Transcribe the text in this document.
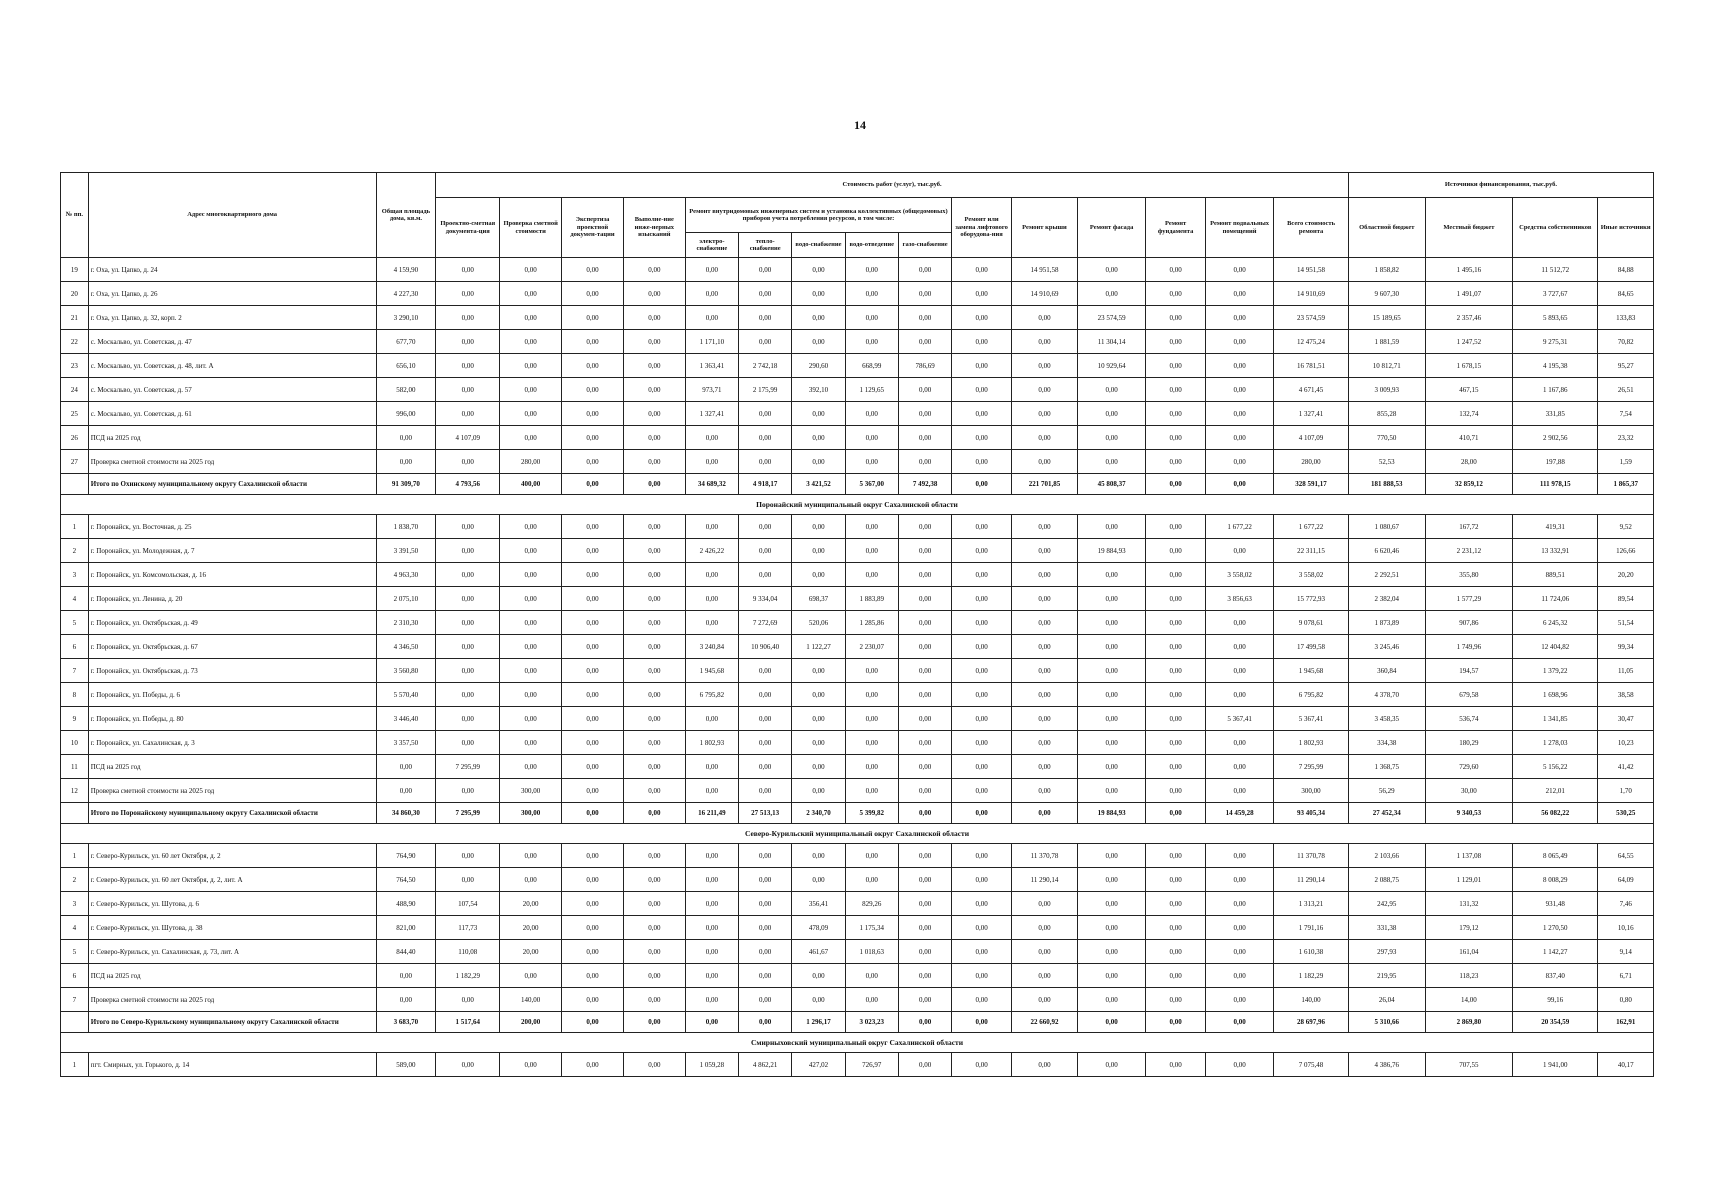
14
№ пп.	Адрес многоквартирного дома	Общая площадь дома, кв.м.	Стоимость работ (услуг), тыс.руб.															Источники финансирования, тыс.руб.			
			Проектно-сметная документа-ция	Проверка сметной стоимости	Экспертиза проектной докумен-тации	Выполне-ние инже-нерных изысканий	Ремонт внутридомовых инженерных систем и установка коллективных (общедомовых) приборов учета потребления ресурсов, в том числе:					Ремонт или замена лифтового оборудова-ния	Ремонт крыши	Ремонт фасада	Ремонт фундамента	Ремонт подвальных помещений	Всего стоимость ремонта	Областной бюджет	Местный бюджет	Средства собственников	Иные источники
							электро-снабжение	тепло-снабжение	водо-снабжение	водо-отведение	газо-снабжение										
19	г. Оха, ул. Цапко, д. 24	4 159,90	0,00	0,00	0,00	0,00	0,00	0,00	0,00	0,00	0,00	0,00	14 951,58	0,00	0,00	0,00	14 951,58	1 858,82	1 495,16	11 512,72	84,88
20	г. Оха, ул. Цапко, д. 26	4 227,30	0,00	0,00	0,00	0,00	0,00	0,00	0,00	0,00	0,00	0,00	14 910,69	0,00	0,00	0,00	14 910,69	9 607,30	1 491,07	3 727,67	84,65
21	г. Оха, ул. Цапко, д. 32, корп. 2	3 290,10	0,00	0,00	0,00	0,00	0,00	0,00	0,00	0,00	0,00	0,00	0,00	23 574,59	0,00	0,00	23 574,59	15 189,65	2 357,46	5 893,65	133,83
22	с. Москальво, ул. Советская, д. 47	677,70	0,00	0,00	0,00	0,00	1 171,10	0,00	0,00	0,00	0,00	0,00	0,00	11 304,14	0,00	0,00	12 475,24	1 881,59	1 247,52	9 275,31	70,82
23	с. Москальво, ул. Советская, д. 48, лит. А	656,10	0,00	0,00	0,00	0,00	1 363,41	2 742,18	290,60	668,99	786,69	0,00	0,00	10 929,64	0,00	0,00	16 781,51	10 812,71	1 678,15	4 195,38	95,27
24	с. Москальво, ул. Советская, д. 57	582,00	0,00	0,00	0,00	0,00	973,71	2 175,99	392,10	1 129,65	0,00	0,00	0,00	0,00	0,00	0,00	4 671,45	3 009,93	467,15	1 167,86	26,51
25	с. Москальво, ул. Советская, д. 61	996,00	0,00	0,00	0,00	0,00	1 327,41	0,00	0,00	0,00	0,00	0,00	0,00	0,00	0,00	0,00	1 327,41	855,28	132,74	331,85	7,54
26	ПСД на 2025 год	0,00	4 107,09	0,00	0,00	0,00	0,00	0,00	0,00	0,00	0,00	0,00	0,00	0,00	0,00	0,00	4 107,09	770,50	410,71	2 902,56	23,32
27	Проверка сметной стоимости на 2025 год	0,00	0,00	280,00	0,00	0,00	0,00	0,00	0,00	0,00	0,00	0,00	0,00	0,00	0,00	0,00	280,00	52,53	28,00	197,88	1,59
	Итого по Охинскому муниципальному округу Сахалинской области	91 309,70	4 793,56	400,00	0,00	0,00	34 689,32	4 918,17	3 421,52	5 367,00	7 492,38	0,00	221 701,85	45 808,37	0,00	0,00	328 591,17	181 888,53	32 859,12	111 978,15	1 865,37
Поронайский муниципальный округ Сахалинской области																					
1	г. Поронайск, ул. Восточная, д. 25	1 838,70	0,00	0,00	0,00	0,00	0,00	0,00	0,00	0,00	0,00	0,00	0,00	0,00	0,00	1 677,22	1 677,22	1 080,67	167,72	419,31	9,52
2	г. Поронайск, ул. Молодежная, д. 7	3 391,50	0,00	0,00	0,00	0,00	2 426,22	0,00	0,00	0,00	0,00	0,00	0,00	19 884,93	0,00	0,00	22 311,15	6 620,46	2 231,12	13 332,91	126,66
3	г. Поронайск, ул. Комсомольская, д. 16	4 963,30	0,00	0,00	0,00	0,00	0,00	0,00	0,00	0,00	0,00	0,00	0,00	0,00	0,00	3 558,02	3 558,02	2 292,51	355,80	889,51	20,20
4	г. Поронайск, ул. Ленина, д. 20	2 075,10	0,00	0,00	0,00	0,00	0,00	9 334,04	698,37	1 883,89	0,00	0,00	0,00	0,00	0,00	3 856,63	15 772,93	2 382,04	1 577,29	11 724,06	89,54
5	г. Поронайск, ул. Октябрьская, д. 49	2 310,30	0,00	0,00	0,00	0,00	0,00	7 272,69	520,06	1 285,86	0,00	0,00	0,00	0,00	0,00	0,00	9 078,61	1 873,89	907,86	6 245,32	51,54
6	г. Поронайск, ул. Октябрьская, д. 67	4 346,50	0,00	0,00	0,00	0,00	3 240,84	10 906,40	1 122,27	2 230,07	0,00	0,00	0,00	0,00	0,00	0,00	17 499,58	3 245,46	1 749,96	12 404,82	99,34
7	г. Поронайск, ул. Октябрьская, д. 73	3 560,80	0,00	0,00	0,00	0,00	1 945,68	0,00	0,00	0,00	0,00	0,00	0,00	0,00	0,00	0,00	1 945,68	360,84	194,57	1 379,22	11,05
8	г. Поронайск, ул. Победы, д. 6	5 570,40	0,00	0,00	0,00	0,00	6 795,82	0,00	0,00	0,00	0,00	0,00	0,00	0,00	0,00	0,00	6 795,82	4 378,70	679,58	1 698,96	38,58
9	г. Поронайск, ул. Победы, д. 80	3 446,40	0,00	0,00	0,00	0,00	0,00	0,00	0,00	0,00	0,00	0,00	0,00	0,00	0,00	5 367,41	5 367,41	3 458,35	536,74	1 341,85	30,47
10	г. Поронайск, ул. Сахалинская, д. 3	3 357,50	0,00	0,00	0,00	0,00	1 802,93	0,00	0,00	0,00	0,00	0,00	0,00	0,00	0,00	0,00	1 802,93	334,38	180,29	1 278,03	10,23
11	ПСД на 2025 год	0,00	7 295,99	0,00	0,00	0,00	0,00	0,00	0,00	0,00	0,00	0,00	0,00	0,00	0,00	0,00	7 295,99	1 368,75	729,60	5 156,22	41,42
12	Проверка сметной стоимости на 2025 год	0,00	0,00	300,00	0,00	0,00	0,00	0,00	0,00	0,00	0,00	0,00	0,00	0,00	0,00	0,00	300,00	56,29	30,00	212,01	1,70
	Итого по Поронайскому муниципальному округу Сахалинской области	34 860,30	7 295,99	300,00	0,00	0,00	16 211,49	27 513,13	2 340,70	5 399,82	0,00	0,00	0,00	19 884,93	0,00	14 459,28	93 405,34	27 452,34	9 340,53	56 082,22	530,25
Северо-Курильский муниципальный округ Сахалинской области																					
1	г. Северо-Курильск, ул. 60 лет Октября, д. 2	764,90	0,00	0,00	0,00	0,00	0,00	0,00	0,00	0,00	0,00	0,00	11 370,78	0,00	0,00	0,00	11 370,78	2 103,66	1 137,08	8 065,49	64,55
2	г. Северо-Курильск, ул. 60 лет Октября, д. 2, лит. А	764,50	0,00	0,00	0,00	0,00	0,00	0,00	0,00	0,00	0,00	0,00	11 290,14	0,00	0,00	0,00	11 290,14	2 088,75	1 129,01	8 008,29	64,09
3	г. Северо-Курильск, ул. Шутова, д. 6	488,90	107,54	20,00	0,00	0,00	0,00	0,00	356,41	829,26	0,00	0,00	0,00	0,00	0,00	0,00	1 313,21	242,95	131,32	931,48	7,46
4	г. Северо-Курильск, ул. Шутова, д. 38	821,00	117,73	20,00	0,00	0,00	0,00	0,00	478,09	1 175,34	0,00	0,00	0,00	0,00	0,00	0,00	1 791,16	331,38	179,12	1 270,50	10,16
5	г. Северо-Курильск, ул. Сахалинская, д. 73, лит. А	844,40	110,08	20,00	0,00	0,00	0,00	0,00	461,67	1 018,63	0,00	0,00	0,00	0,00	0,00	0,00	1 610,38	297,93	161,04	1 142,27	9,14
6	ПСД на 2025 год	0,00	1 182,29	0,00	0,00	0,00	0,00	0,00	0,00	0,00	0,00	0,00	0,00	0,00	0,00	0,00	1 182,29	219,95	118,23	837,40	6,71
7	Проверка сметной стоимости на 2025 год	0,00	0,00	140,00	0,00	0,00	0,00	0,00	0,00	0,00	0,00	0,00	0,00	0,00	0,00	0,00	140,00	26,04	14,00	99,16	0,80
	Итого по Северо-Курильскому муниципальному округу Сахалинской области	3 683,70	1 517,64	200,00	0,00	0,00	0,00	0,00	1 296,17	3 023,23	0,00	0,00	22 660,92	0,00	0,00	0,00	28 697,96	5 310,66	2 869,80	20 354,59	162,91
Смирныховский муниципальный округ Сахалинской области																					
1	пгт. Смирных, ул. Горького, д. 14	589,00	0,00	0,00	0,00	0,00	1 059,28	4 862,21	427,02	726,97	0,00	0,00	0,00	0,00	0,00	0,00	7 075,48	4 386,76	707,55	1 941,00	40,17
